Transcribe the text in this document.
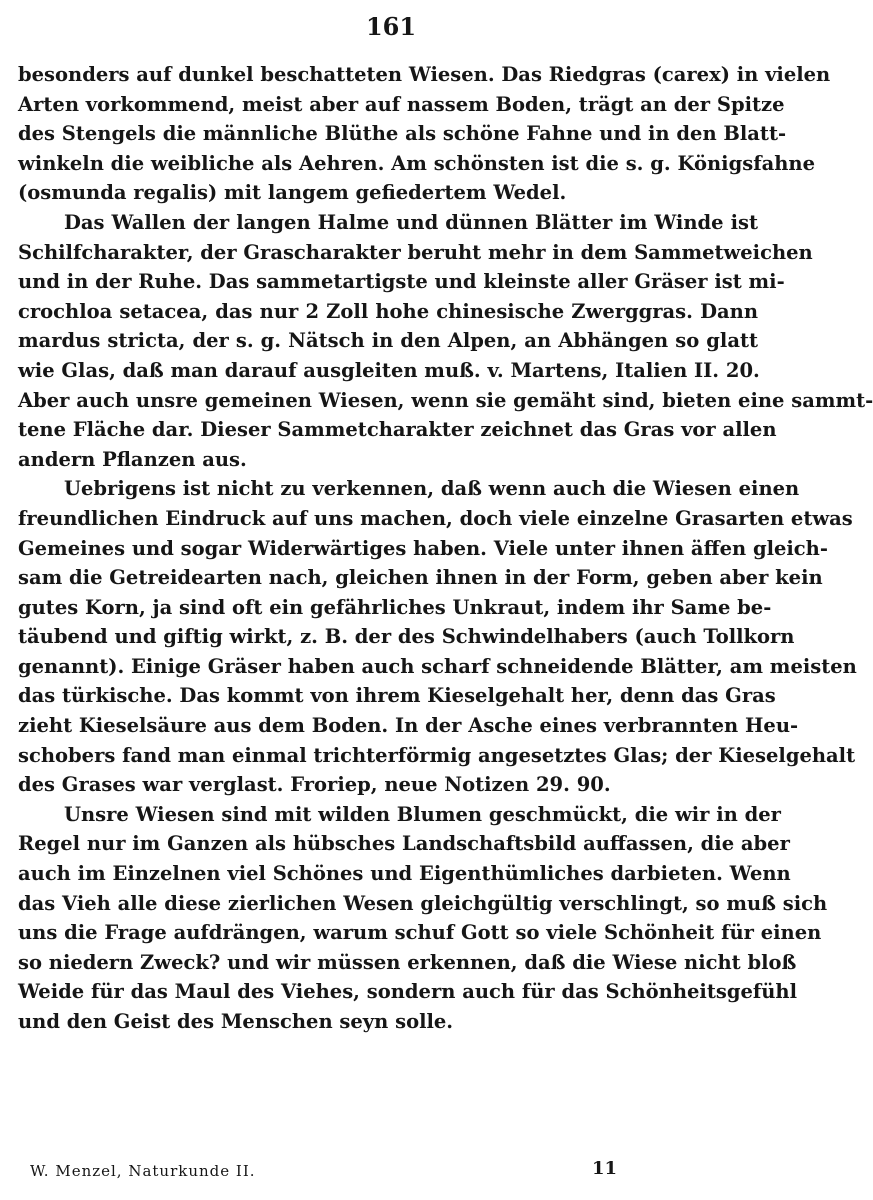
161
besonders auf dunkel beschatteten Wiesen. Das Riedgras (carex) in vielen
Arten vorkommend, meist aber auf nassem Boden, trägt an der Spitze
des Stengels die männliche Blüthe als schöne Fahne und in den Blatt-
winkeln die weibliche als Aehren. Am schönsten ist die s. g. Königsfahne
(osmunda regalis) mit langem gefiedertem Wedel.
Das Wallen der langen Halme und dünnen Blätter im Winde ist
Schilfcharakter, der Grascharakter beruht mehr in dem Sammetweichen
und in der Ruhe. Das sammetartigste und kleinste aller Gräser ist mi-
crochloa setacea, das nur 2 Zoll hohe chinesische Zwerggras. Dann
mardus stricta, der s. g. Nätsch in den Alpen, an Abhängen so glatt
wie Glas, daß man darauf ausgleiten muß. v. Martens, Italien II. 20.
Aber auch unsre gemeinen Wiesen, wenn sie gemäht sind, bieten eine sammt-
tene Fläche dar. Dieser Sammetcharakter zeichnet das Gras vor allen
andern Pflanzen aus.
Uebrigens ist nicht zu verkennen, daß wenn auch die Wiesen einen
freundlichen Eindruck auf uns machen, doch viele einzelne Grasarten etwas
Gemeines und sogar Widerwärtiges haben. Viele unter ihnen äffen gleich-
sam die Getreidearten nach, gleichen ihnen in der Form, geben aber kein
gutes Korn, ja sind oft ein gefährliches Unkraut, indem ihr Same be-
täubend und giftig wirkt, z. B. der des Schwindelhabers (auch Tollkorn
genannt). Einige Gräser haben auch scharf schneidende Blätter, am meisten
das türkische. Das kommt von ihrem Kieselgehalt her, denn das Gras
zieht Kieselsäure aus dem Boden. In der Asche eines verbrannten Heu-
schobers fand man einmal trichterförmig angesetztes Glas; der Kieselgehalt
des Grases war verglast. Froriep, neue Notizen 29. 90.
Unsre Wiesen sind mit wilden Blumen geschmückt, die wir in der
Regel nur im Ganzen als hübsches Landschaftsbild auffassen, die aber
auch im Einzelnen viel Schönes und Eigenthümliches darbieten. Wenn
das Vieh alle diese zierlichen Wesen gleichgültig verschlingt, so muß sich
uns die Frage aufdrängen, warum schuf Gott so viele Schönheit für einen
so niedern Zweck? und wir müssen erkennen, daß die Wiese nicht bloß
Weide für das Maul des Viehes, sondern auch für das Schönheitsgefühl
und den Geist des Menschen seyn solle.
W. Menzel, Naturkunde II.	11
